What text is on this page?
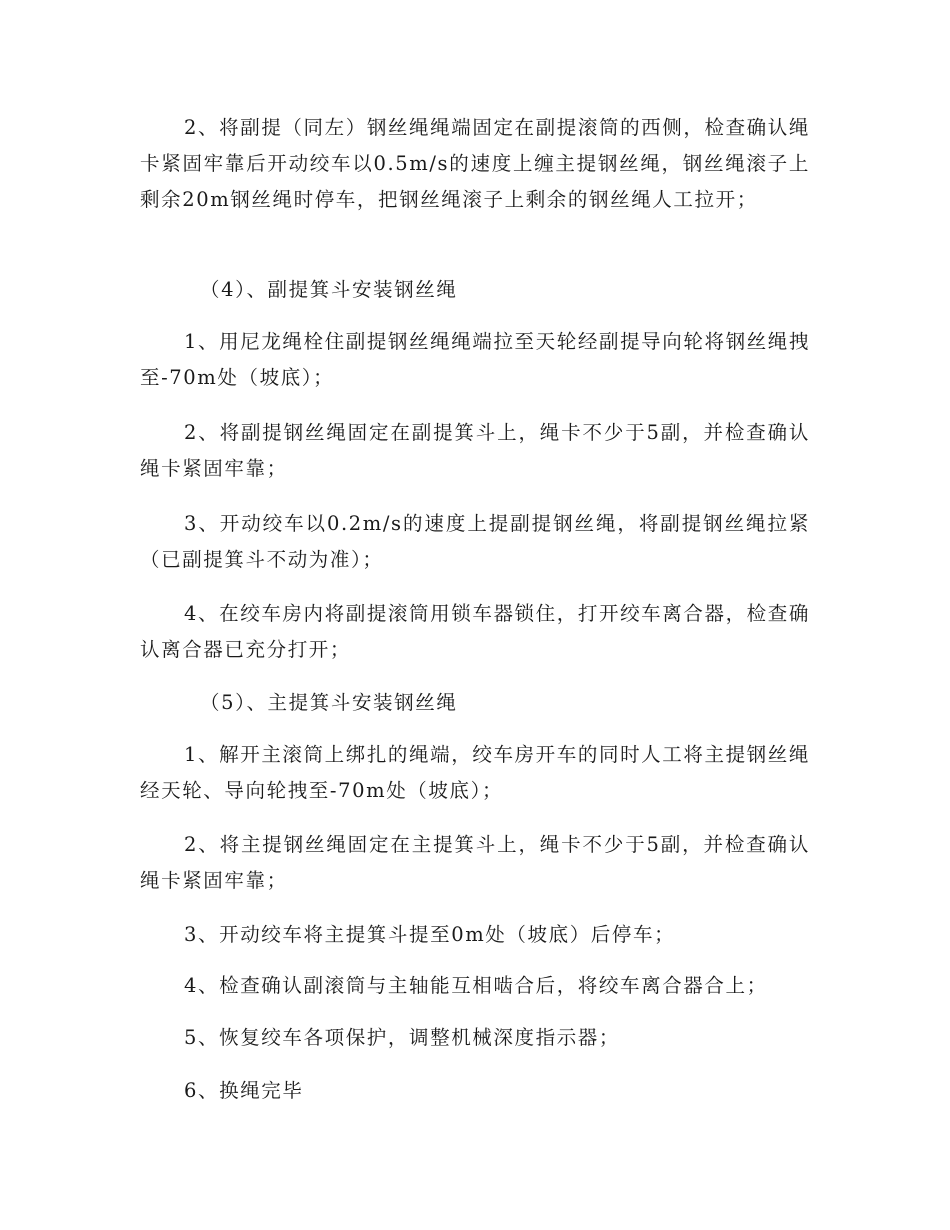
2、将副提（同左）钢丝绳绳端固定在副提滚筒的西侧，检查确认绳卡紧固牢靠后开动绞车以0.5m/s的速度上缠主提钢丝绳，钢丝绳滚子上剩余20m钢丝绳时停车，把钢丝绳滚子上剩余的钢丝绳人工拉开；

（4）、副提箕斗安装钢丝绳

1、用尼龙绳栓住副提钢丝绳绳端拉至天轮经副提导向轮将钢丝绳拽至-70m处（坡底）；

2、将副提钢丝绳固定在副提箕斗上，绳卡不少于5副，并检查确认绳卡紧固牢靠；

3、开动绞车以0.2m/s的速度上提副提钢丝绳，将副提钢丝绳拉紧（已副提箕斗不动为准）；

4、在绞车房内将副提滚筒用锁车器锁住，打开绞车离合器，检查确认离合器已充分打开；

（5）、主提箕斗安装钢丝绳

1、解开主滚筒上绑扎的绳端，绞车房开车的同时人工将主提钢丝绳经天轮、导向轮拽至-70m处（坡底）；

2、将主提钢丝绳固定在主提箕斗上，绳卡不少于5副，并检查确认绳卡紧固牢靠；

3、开动绞车将主提箕斗提至0m处（坡底）后停车；

4、检查确认副滚筒与主轴能互相啮合后，将绞车离合器合上；

5、恢复绞车各项保护，调整机械深度指示器；

6、换绳完毕
